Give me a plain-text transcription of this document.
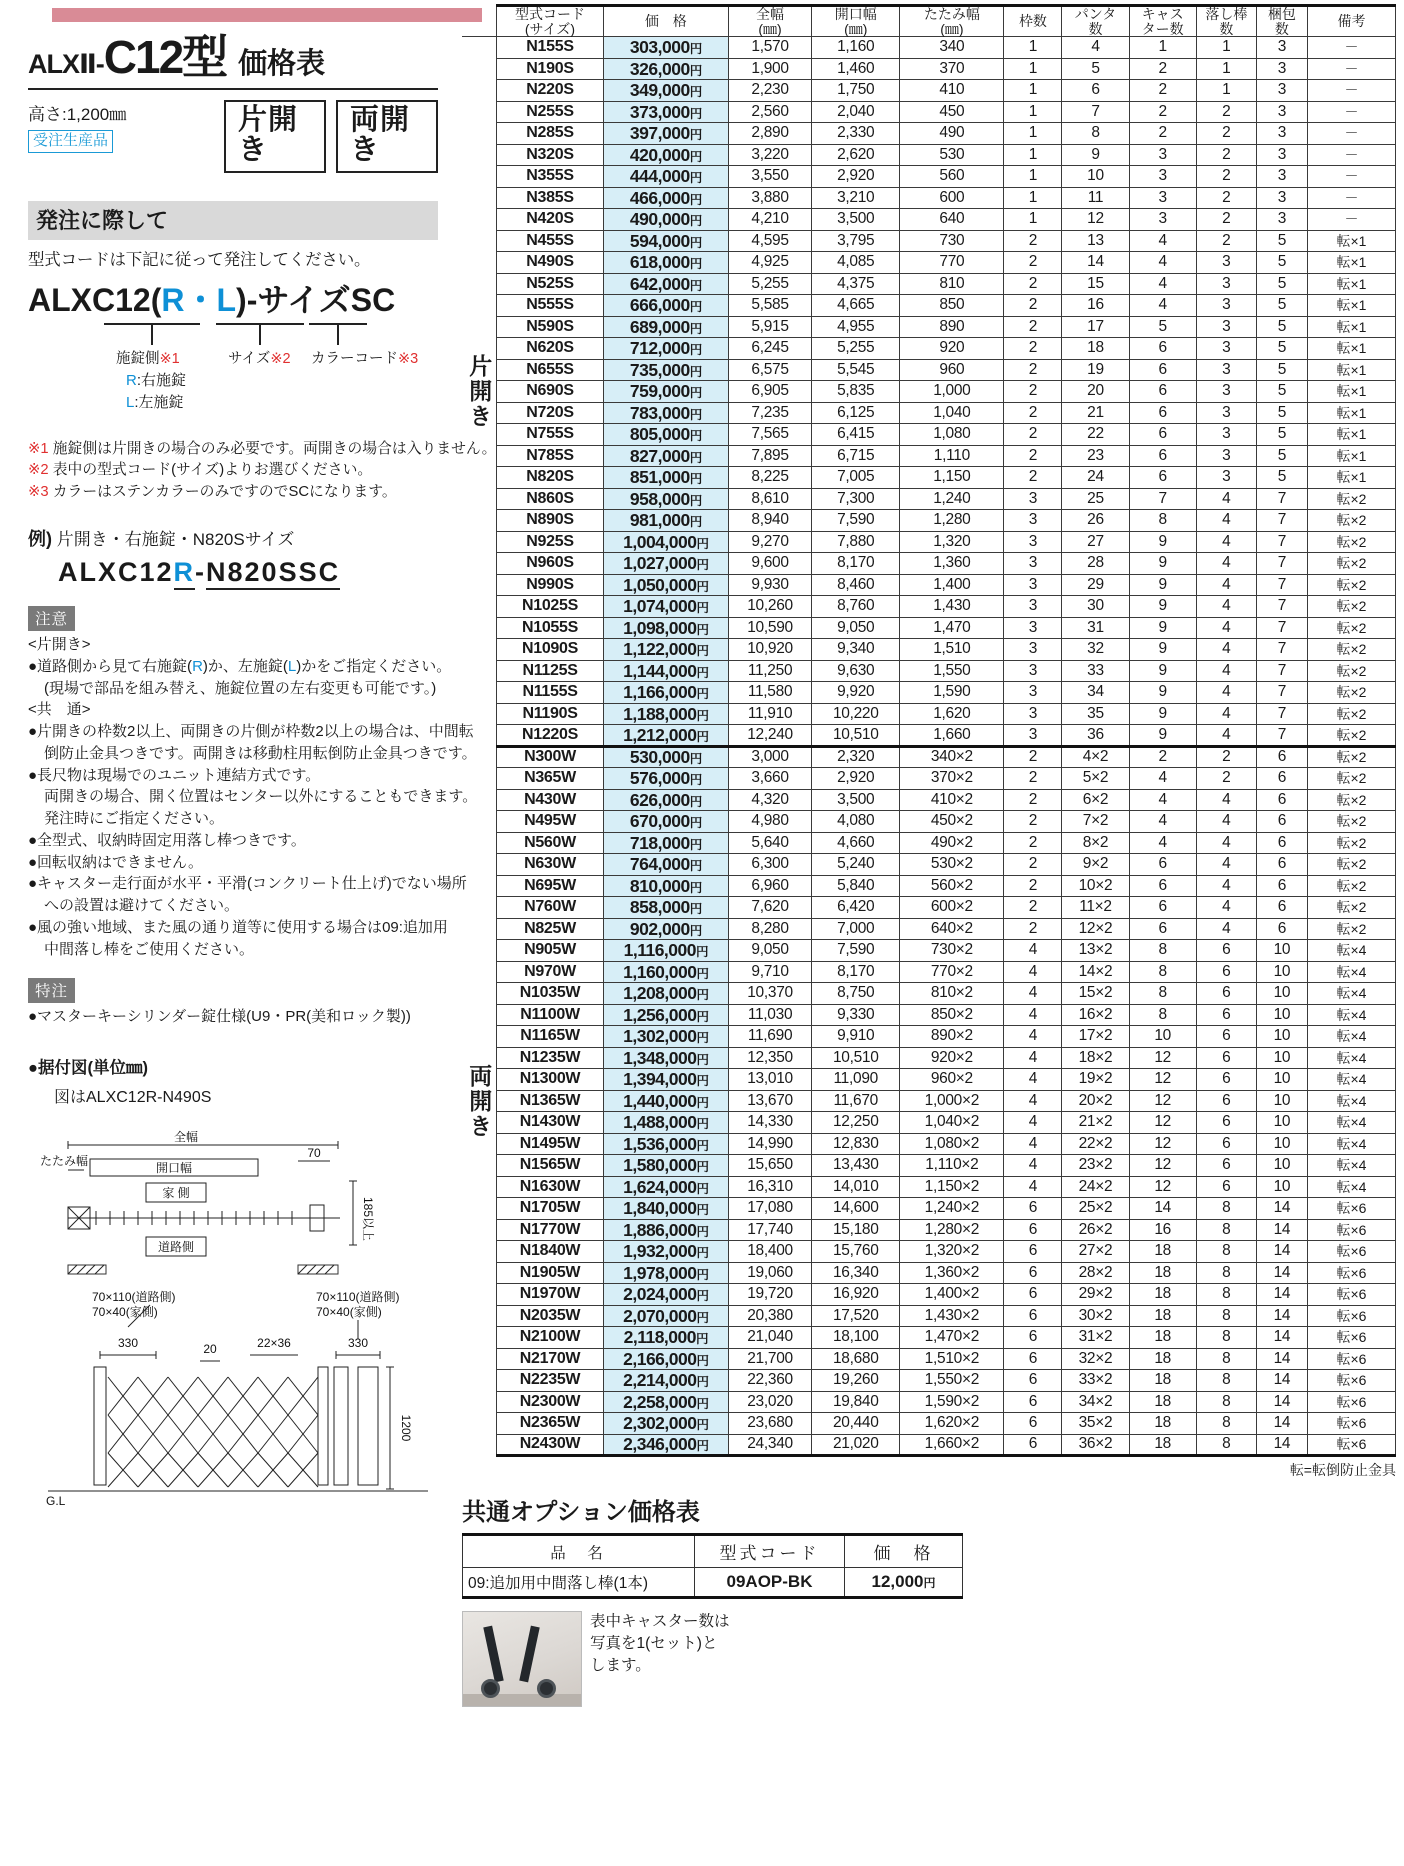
ALXⅡ- C12型 価格表
高さ:1,200㎜
受注生産品
片開き
両開き
発注に際して
型式コードは下記に従って発注してください。
ALXC12(R・L)-サイズSC
施錠側※1	サイズ※2 カラーコード※3
R:右施錠
L:左施錠
※1 施錠側は片開きの場合のみ必要です。両開きの場合は入りません。
※2 表中の型式コード(サイズ)よりお選びください。
※3 カラーはステンカラーのみですのでSCになります。
例) 片開き・右施錠・N820Sサイズ
ALXC12R-N820SSC
注意
<片開き>
●道路側から見て右施錠(R)か、左施錠(L)かをご指定ください。
(現場で部品を組み替え、施錠位置の左右変更も可能です。)
<共　通>
●片開きの枠数2以上、両開きの片側が枠数2以上の場合は、中間転
倒防止金具つきです。両開きは移動柱用転倒防止金具つきです。
●長尺物は現場でのユニット連結方式です。
両開きの場合、開く位置はセンター以外にすることもできます。
発注時にご指定ください。
●全型式、収納時固定用落し棒つきです。
●回転収納はできません。
●キャスター走行面が水平・平滑(コンクリート仕上げ)でない場所
への設置は避けてください。
●風の強い地域、また風の通り道等に使用する場合は09:追加用
中間落し棒をご使用ください。
特注
●マスターキーシリンダー錠仕様(U9・PR(美和ロック製))
●据付図(単位㎜)
図はALXC12R-N490S
全幅
開口幅
たたみ幅
70
家 側
185以上
道路側
70×110(道路側)
70×40(家側)
70×110(道路側)
70×40(家側)
330	20	22×36	330
1200
G.L
	型式コード
(サイズ)	価　格	全幅
(㎜)	開口幅
(㎜)	たたみ幅
(㎜)	枠数	パンタ
数	キャス
ター数	落し棒
数	梱包
数	備考
片開き	N155S	303,000円	1,570	1,160	340	1	4	1	1	3	－
	N190S	326,000円	1,900	1,460	370	1	5	2	1	3	－
	N220S	349,000円	2,230	1,750	410	1	6	2	1	3	－
	N255S	373,000円	2,560	2,040	450	1	7	2	2	3	－
	N285S	397,000円	2,890	2,330	490	1	8	2	2	3	－
	N320S	420,000円	3,220	2,620	530	1	9	3	2	3	－
	N355S	444,000円	3,550	2,920	560	1	10	3	2	3	－
	N385S	466,000円	3,880	3,210	600	1	11	3	2	3	－
	N420S	490,000円	4,210	3,500	640	1	12	3	2	3	－
	N455S	594,000円	4,595	3,795	730	2	13	4	2	5	転×1
	N490S	618,000円	4,925	4,085	770	2	14	4	3	5	転×1
	N525S	642,000円	5,255	4,375	810	2	15	4	3	5	転×1
	N555S	666,000円	5,585	4,665	850	2	16	4	3	5	転×1
	N590S	689,000円	5,915	4,955	890	2	17	5	3	5	転×1
	N620S	712,000円	6,245	5,255	920	2	18	6	3	5	転×1
	N655S	735,000円	6,575	5,545	960	2	19	6	3	5	転×1
	N690S	759,000円	6,905	5,835	1,000	2	20	6	3	5	転×1
	N720S	783,000円	7,235	6,125	1,040	2	21	6	3	5	転×1
	N755S	805,000円	7,565	6,415	1,080	2	22	6	3	5	転×1
	N785S	827,000円	7,895	6,715	1,110	2	23	6	3	5	転×1
	N820S	851,000円	8,225	7,005	1,150	2	24	6	3	5	転×1
	N860S	958,000円	8,610	7,300	1,240	3	25	7	4	7	転×2
	N890S	981,000円	8,940	7,590	1,280	3	26	8	4	7	転×2
	N925S	1,004,000円	9,270	7,880	1,320	3	27	9	4	7	転×2
	N960S	1,027,000円	9,600	8,170	1,360	3	28	9	4	7	転×2
	N990S	1,050,000円	9,930	8,460	1,400	3	29	9	4	7	転×2
	N1025S	1,074,000円	10,260	8,760	1,430	3	30	9	4	7	転×2
	N1055S	1,098,000円	10,590	9,050	1,470	3	31	9	4	7	転×2
	N1090S	1,122,000円	10,920	9,340	1,510	3	32	9	4	7	転×2
	N1125S	1,144,000円	11,250	9,630	1,550	3	33	9	4	7	転×2
	N1155S	1,166,000円	11,580	9,920	1,590	3	34	9	4	7	転×2
	N1190S	1,188,000円	11,910	10,220	1,620	3	35	9	4	7	転×2
	N1220S	1,212,000円	12,240	10,510	1,660	3	36	9	4	7	転×2
両開き	N300W	530,000円	3,000	2,320	340×2	2	4×2	2	2	6	転×2
	N365W	576,000円	3,660	2,920	370×2	2	5×2	4	2	6	転×2
	N430W	626,000円	4,320	3,500	410×2	2	6×2	4	4	6	転×2
	N495W	670,000円	4,980	4,080	450×2	2	7×2	4	4	6	転×2
	N560W	718,000円	5,640	4,660	490×2	2	8×2	4	4	6	転×2
	N630W	764,000円	6,300	5,240	530×2	2	9×2	6	4	6	転×2
	N695W	810,000円	6,960	5,840	560×2	2	10×2	6	4	6	転×2
	N760W	858,000円	7,620	6,420	600×2	2	11×2	6	4	6	転×2
	N825W	902,000円	8,280	7,000	640×2	2	12×2	6	4	6	転×2
	N905W	1,116,000円	9,050	7,590	730×2	4	13×2	8	6	10	転×4
	N970W	1,160,000円	9,710	8,170	770×2	4	14×2	8	6	10	転×4
	N1035W	1,208,000円	10,370	8,750	810×2	4	15×2	8	6	10	転×4
	N1100W	1,256,000円	11,030	9,330	850×2	4	16×2	8	6	10	転×4
	N1165W	1,302,000円	11,690	9,910	890×2	4	17×2	10	6	10	転×4
	N1235W	1,348,000円	12,350	10,510	920×2	4	18×2	12	6	10	転×4
	N1300W	1,394,000円	13,010	11,090	960×2	4	19×2	12	6	10	転×4
	N1365W	1,440,000円	13,670	11,670	1,000×2	4	20×2	12	6	10	転×4
	N1430W	1,488,000円	14,330	12,250	1,040×2	4	21×2	12	6	10	転×4
	N1495W	1,536,000円	14,990	12,830	1,080×2	4	22×2	12	6	10	転×4
	N1565W	1,580,000円	15,650	13,430	1,110×2	4	23×2	12	6	10	転×4
	N1630W	1,624,000円	16,310	14,010	1,150×2	4	24×2	12	6	10	転×4
	N1705W	1,840,000円	17,080	14,600	1,240×2	6	25×2	14	8	14	転×6
	N1770W	1,886,000円	17,740	15,180	1,280×2	6	26×2	16	8	14	転×6
	N1840W	1,932,000円	18,400	15,760	1,320×2	6	27×2	18	8	14	転×6
	N1905W	1,978,000円	19,060	16,340	1,360×2	6	28×2	18	8	14	転×6
	N1970W	2,024,000円	19,720	16,920	1,400×2	6	29×2	18	8	14	転×6
	N2035W	2,070,000円	20,380	17,520	1,430×2	6	30×2	18	8	14	転×6
	N2100W	2,118,000円	21,040	18,100	1,470×2	6	31×2	18	8	14	転×6
	N2170W	2,166,000円	21,700	18,680	1,510×2	6	32×2	18	8	14	転×6
	N2235W	2,214,000円	22,360	19,260	1,550×2	6	33×2	18	8	14	転×6
	N2300W	2,258,000円	23,020	19,840	1,590×2	6	34×2	18	8	14	転×6
	N2365W	2,302,000円	23,680	20,440	1,620×2	6	35×2	18	8	14	転×6
	N2430W	2,346,000円	24,340	21,020	1,660×2	6	36×2	18	8	14	転×6
転=転倒防止金具
共通オプション価格表
品　名	型式コード	価　格
09:追加用中間落し棒(1本)	09AOP-BK	12,000円
表中キャスター数は
写真を1(セット)と
します。
